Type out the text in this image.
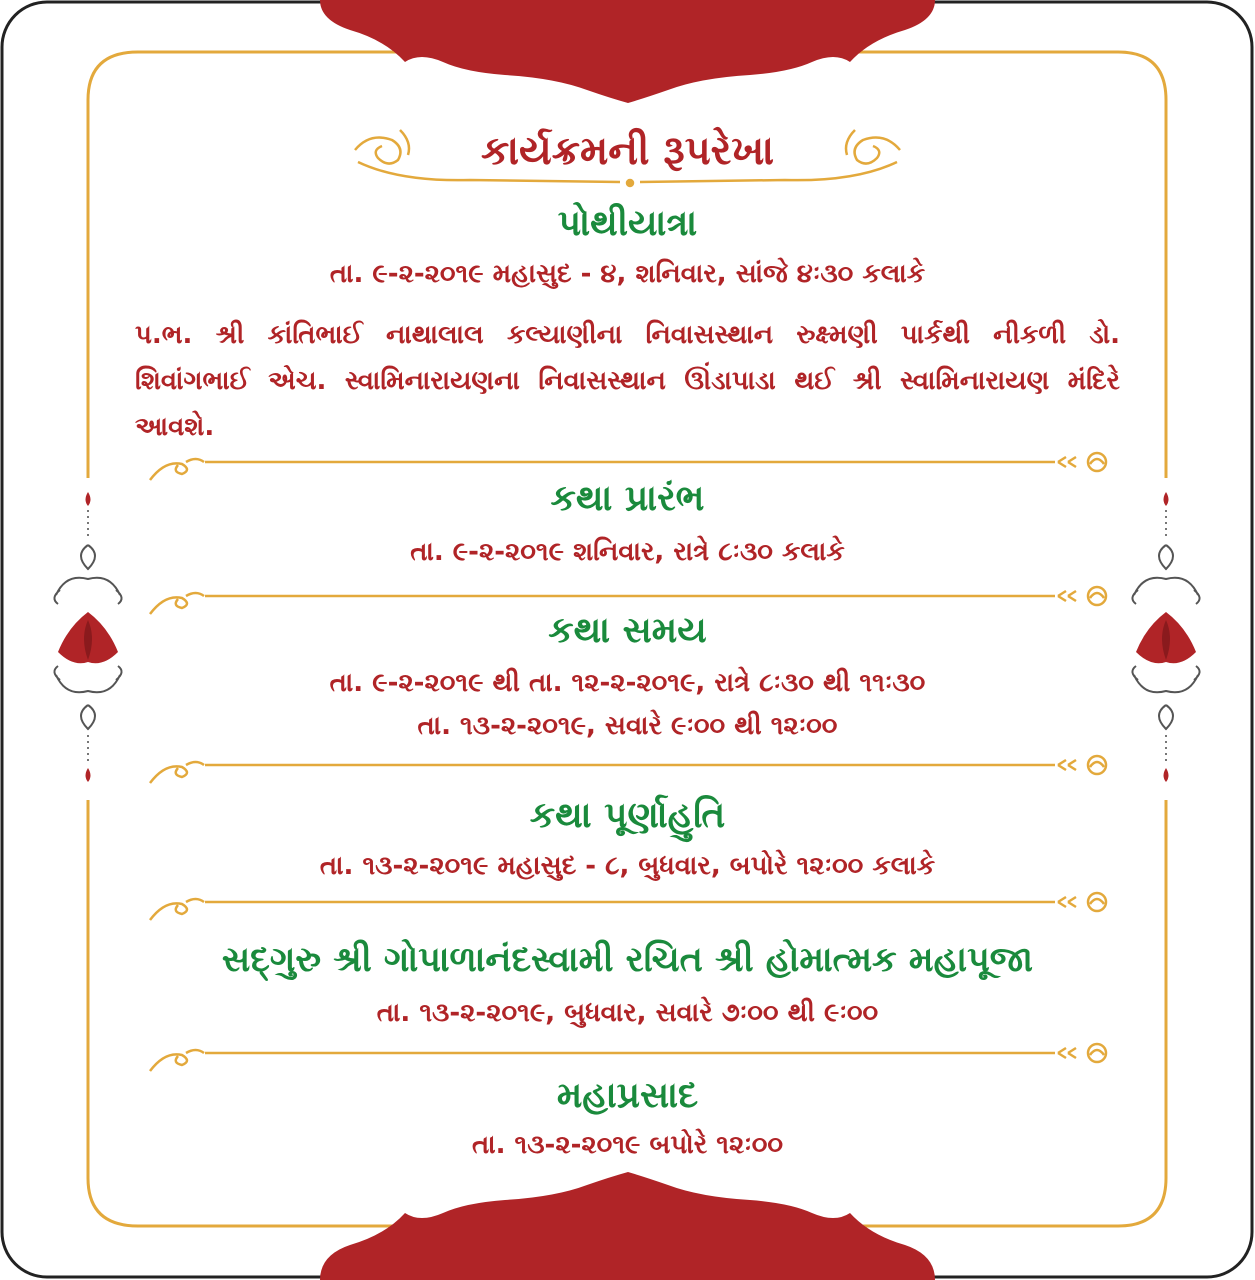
કાર્યક્રમની રૂપરેખા
પોથીયાત્રા
તા. ૯-૨-૨૦૧૯ મહાસુદ - ૪, શનિવાર, સાંજે ૪ઃ૩૦ કલાકે
પ.ભ. શ્રી કાંતિભાઈ નાથાલાલ કલ્યાણીના નિવાસસ્થાન રુક્ષ્મણી પાર્કથી નીકળી ડો. શિવાંગભાઈ એચ. સ્વામિનારાયણના નિવાસસ્થાન ઊંડાપાડા થઈ શ્રી સ્વામિનારાયણ મંદિરે આવશે.
કથા પ્રારંભ
તા. ૯-૨-૨૦૧૯ શનિવાર, રાત્રે ૮ઃ૩૦ કલાકે
કથા સમય
તા. ૯-૨-૨૦૧૯ થી તા. ૧૨-૨-૨૦૧૯, રાત્રે ૮ઃ૩૦ થી ૧૧ઃ૩૦
તા. ૧૩-૨-૨૦૧૯, સવારે ૯ઃ૦૦ થી ૧૨ઃ૦૦
કથા પૂર્ણાહુતિ
તા. ૧૩-૨-૨૦૧૯ મહાસુદ - ૮, બુધવાર, બપોરે ૧૨ઃ૦૦ કલાકે
સદ્‌ગુરુ શ્રી ગોપાળાનંદસ્વામી રચિત શ્રી હોમાત્મક મહાપૂજા
તા. ૧૩-૨-૨૦૧૯, બુધવાર, સવારે ૭ઃ૦૦ થી ૯ઃ૦૦
મહાપ્રસાદ
તા. ૧૩-૨-૨૦૧૯ બપોરે ૧૨ઃ૦૦
